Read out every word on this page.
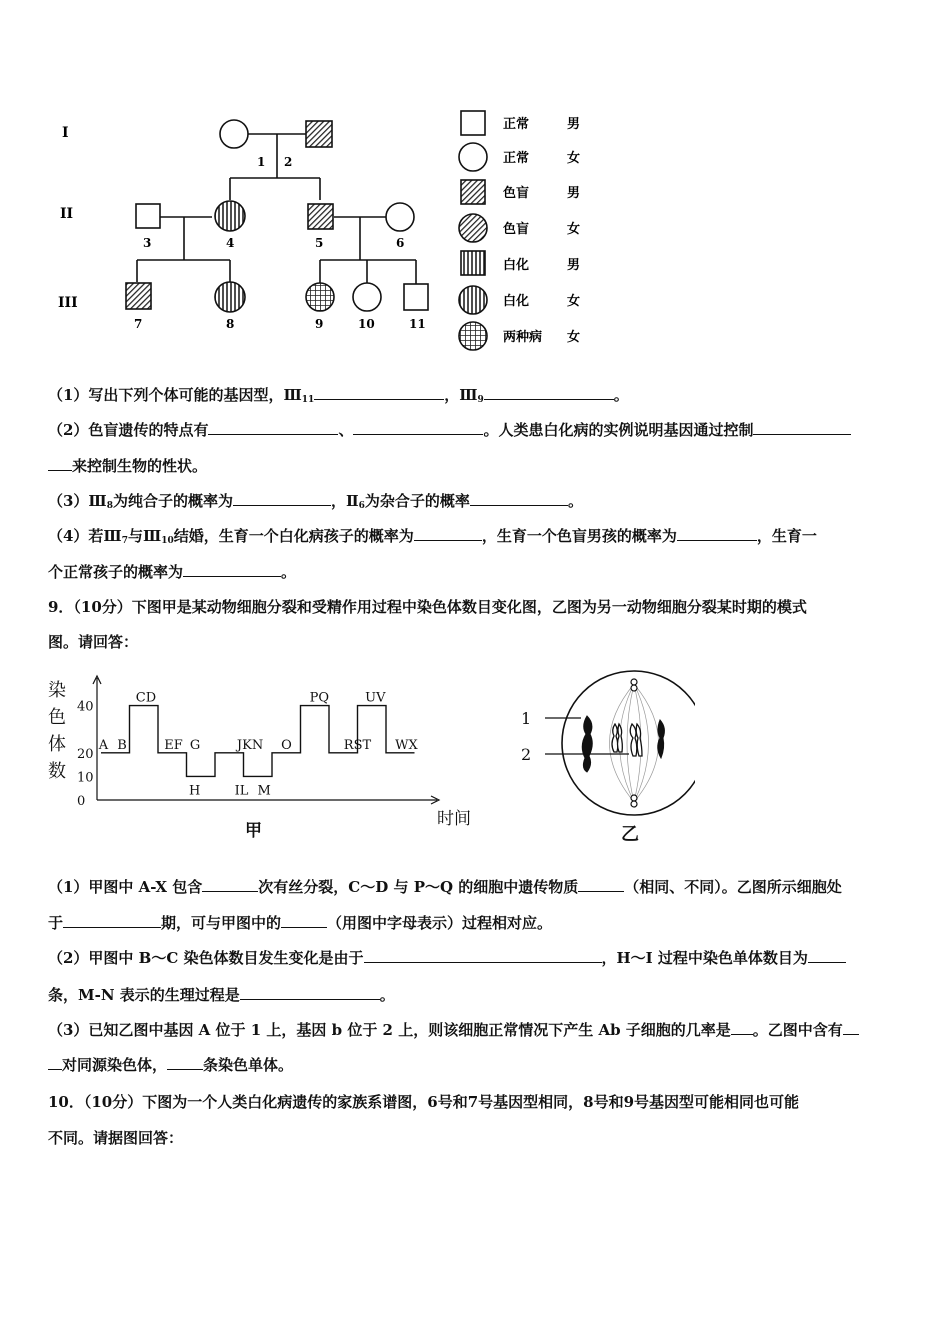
I
II
III
1 2
3	4	5	6
7	8	9	10	11
正常	男
正常	女
色盲	男
色盲	女
白化	男
白化	女
两种病 女
（1）写出下列个体可能的基因型，$Ⅲ_{11}$	，$Ⅲ_9$	。
（2）色盲遗传的特点有	、	。人类患白化病的实例说明基因通过控制
来控制生物的性状。
$(3)Ⅲ_8$为纯合子的概率为	，$Ⅱ_6$为杂合子的概率	。
（4）若$Ⅲ_7$与$Ⅲ_{10}$结婚，生育一个白化病孩子的概率为	，生育一个色盲男孩的概率为	，生育一
个正常孩子的概率为	。
9．（10分）下图甲是某动物细胞分裂和受精作用过程中染色体数目变化图，乙图为另一动物细胞分裂某时期的模式
图。请回答：
染
色
体
数
0
10
20
40
A B
CD
EF G	JKN O
PQ
RST
UV
WX
H	IL M
时间
甲
1
2
乙
（1）甲图中 A-X 包含	次有丝分裂，C～D 与 P～Q 的细胞中遗传物质	（相同、不同）。乙图所示细胞处
于	期，可与甲图中的	（用图中字母表示）过程相对应。
（2）甲图中 B～C 染色体数目发生变化是由于	，H～I 过程中染色单体数目为
条，M-N 表示的生理过程是	。
（3）已知乙图中基因 A 位于 1 上，基因 b 位于 2 上，则该细胞正常情况下产生 Ab 子细胞的几率是 。乙图中含有
对同源染色体， 条染色单体。
10．（10分）下图为一个人类白化病遗传的家族系谱图，6号和7号基因型相同，8号和9号基因型可能相同也可能
不同。请据图回答：
